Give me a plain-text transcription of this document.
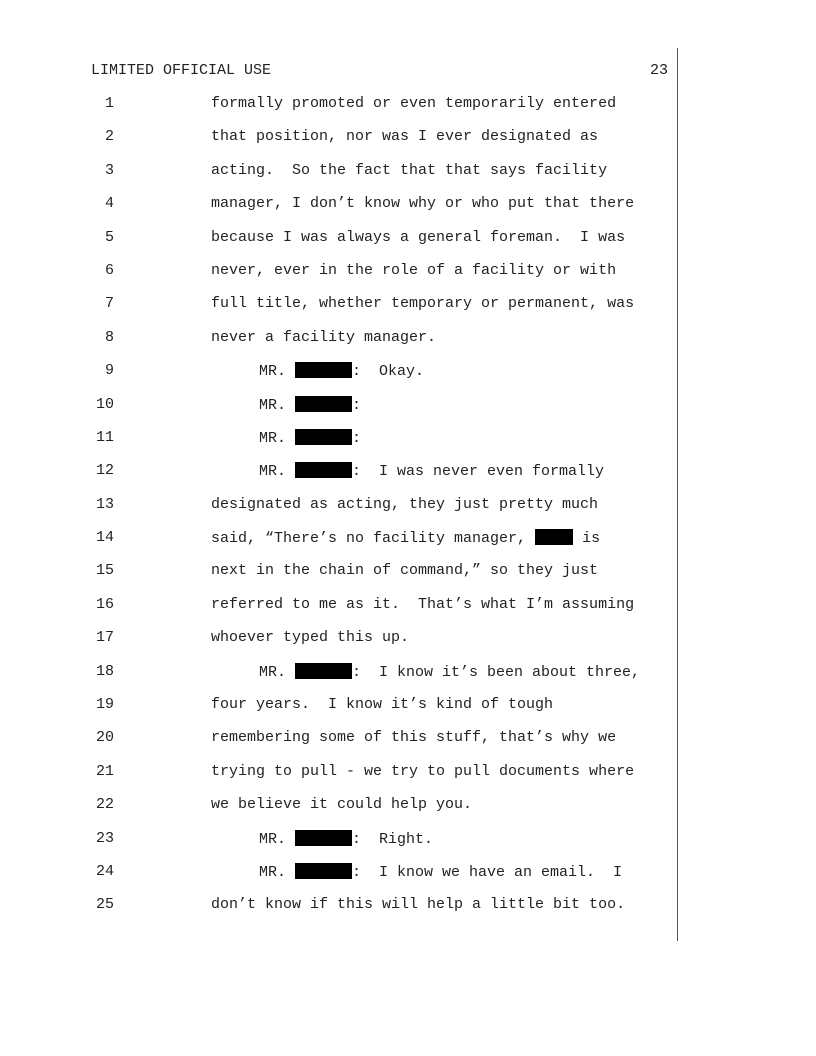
LIMITED OFFICIAL USE	23
1	formally promoted or even temporarily entered
2	that position, nor was I ever designated as
3	acting.  So the fact that that says facility
4	manager, I don’t know why or who put that there
5	because I was always a general foreman.  I was
6	never, ever in the role of a facility or with
7	full title, whether temporary or permanent, was
8	never a facility manager.
9	MR.	:  Okay.
10	MR.	:
11	MR.	:
12	MR.	:  I was never even formally
13	designated as acting, they just pretty much
14	said, “There’s no facility manager,	is
15	next in the chain of command,” so they just
16	referred to me as it.  That’s what I’m assuming
17	whoever typed this up.
18	MR.	:  I know it’s been about three,
19	four years.  I know it’s kind of tough
20	remembering some of this stuff, that’s why we
21	trying to pull - we try to pull documents where
22	we believe it could help you.
23	MR.	:  Right.
24	MR.	:  I know we have an email.  I
25	don’t know if this will help a little bit too.
